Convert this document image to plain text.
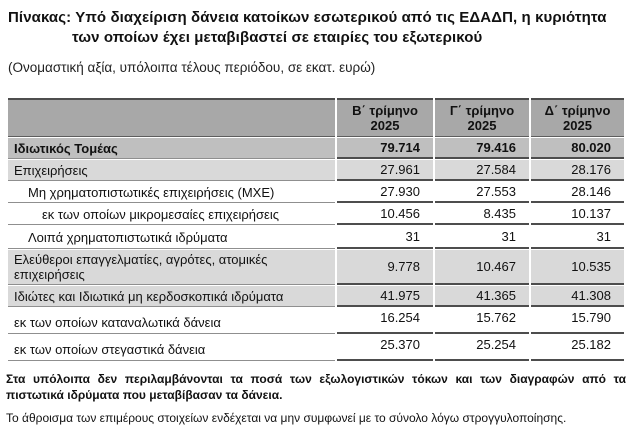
Πίνακας: Υπό διαχείριση δάνεια κατοίκων εσωτερικού από τις ΕΔΑΔΠ, η κυριότητα των οποίων έχει μεταβιβαστεί σε εταιρίες του εξωτερικού

(Ονομαστική αξία, υπόλοιπα τέλους περιόδου, σε εκατ. ευρώ)

	Β΄ τρίμηνο 2025	Γ΄ τρίμηνο 2025	Δ΄ τρίμηνο 2025
Ιδιωτικός Τομέας	79.714	79.416	80.020
Επιχειρήσεις	27.961	27.584	28.176
Μη χρηματοπιστωτικές επιχειρήσεις (ΜΧΕ)	27.930	27.553	28.146
εκ των οποίων μικρομεσαίες επιχειρήσεις	10.456	8.435	10.137
Λοιπά χρηματοπιστωτικά ιδρύματα	31	31	31
Ελεύθεροι επαγγελματίες, αγρότες, ατομικές επιχειρήσεις	9.778	10.467	10.535
Ιδιώτες και Ιδιωτικά μη κερδοσκοπικά ιδρύματα	41.975	41.365	41.308
εκ των οποίων καταναλωτικά δάνεια	16.254	15.762	15.790
εκ των οποίων στεγαστικά δάνεια	25.370	25.254	25.182

Στα υπόλοιπα δεν περιλαμβάνονται τα ποσά των εξωλογιστικών τόκων και των διαγραφών από τα πιστωτικά ιδρύματα που μεταβίβασαν τα δάνεια.

Το άθροισμα των επιμέρους στοιχείων ενδέχεται να μην συμφωνεί με το σύνολο λόγω στρογγυλοποίησης.
